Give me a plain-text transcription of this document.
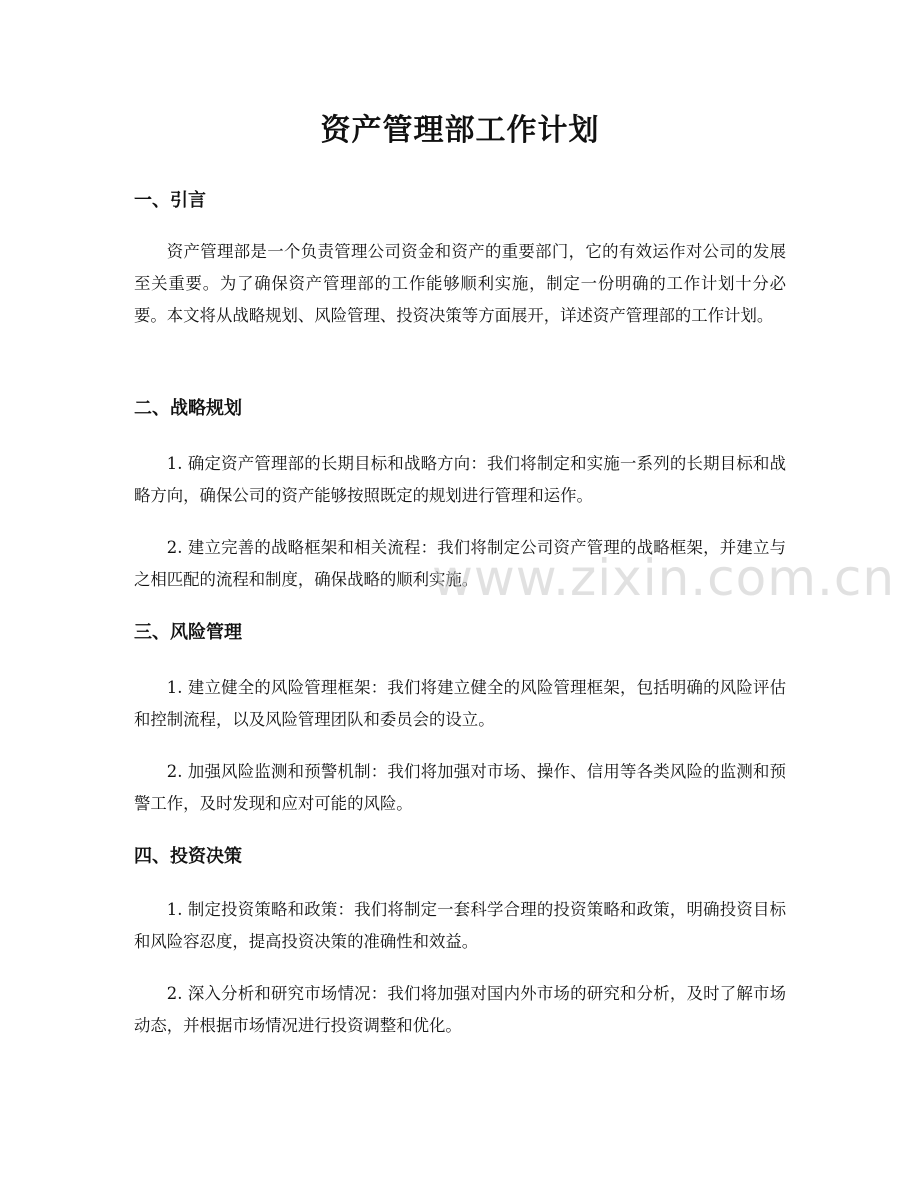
资产管理部工作计划
一、引言

资产管理部是一个负责管理公司资金和资产的重要部门，它的有效运作对公司的发展至关重要。为了确保资产管理部的工作能够顺利实施，制定一份明确的工作计划十分必要。本文将从战略规划、风险管理、投资决策等方面展开，详述资产管理部的工作计划。

二、战略规划

1. 确定资产管理部的长期目标和战略方向：我们将制定和实施一系列的长期目标和战略方向，确保公司的资产能够按照既定的规划进行管理和运作。

2. 建立完善的战略框架和相关流程：我们将制定公司资产管理的战略框架，并建立与之相匹配的流程和制度，确保战略的顺利实施。

三、风险管理

1. 建立健全的风险管理框架：我们将建立健全的风险管理框架，包括明确的风险评估和控制流程，以及风险管理团队和委员会的设立。

2. 加强风险监测和预警机制：我们将加强对市场、操作、信用等各类风险的监测和预警工作，及时发现和应对可能的风险。

四、投资决策

1. 制定投资策略和政策：我们将制定一套科学合理的投资策略和政策，明确投资目标和风险容忍度，提高投资决策的准确性和效益。

2. 深入分析和研究市场情况：我们将加强对国内外市场的研究和分析，及时了解市场动态，并根据市场情况进行投资调整和优化。

www.zixin.com.cn
